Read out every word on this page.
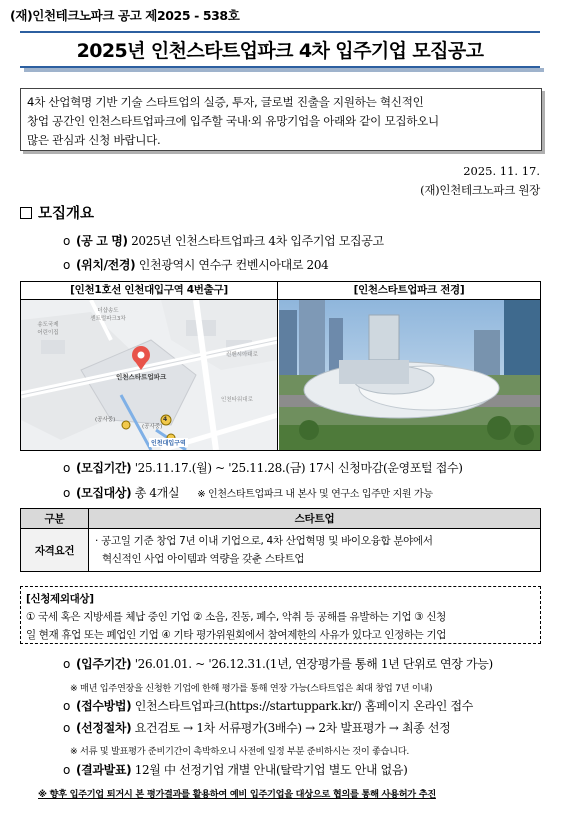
(재)인천테크노파크 공고 제2025 - 538호
2025년 인천스타트업파크 4차 입주기업 모집공고
4차 산업혁명 기반 기술 스타트업의 실증, 투자, 글로벌 진출을 지원하는 혁신적인
창업 공간인 인천스타트업파크에 입주할 국내·외 유망기업을 아래와 같이 모집하오니
많은 관심과 신청 바랍니다.
2025. 11. 17.
(재)인천테크노파크 원장
모집개요
o (공 고 명) 2025년 인천스타트업파크 4차 입주기업 모집공고
o (위치/전경) 인천광역시 연수구 컨벤시아대로 204
[인천1호선 인천대입구역 4번출구]	[인천스타트업파크 전경]
인천스타트업파크
더샵송도
센트럴파크3차
송도국제
어린이집
컨벤시아대로
인천타워대로
(공사중)
(공사중)
4
인천대입구역
o (모집기간) '25.11.17.(월) ~ '25.11.28.(금) 17시 신청마감(운영포털 접수)
o (모집대상) 총 4개실 ※ 인천스타트업파크 내 본사 및 연구소 입주만 지원 가능
구분	스타트업
자격요건	· 공고일 기준 창업 7년 이내 기업으로, 4차 산업혁명 및 바이오융합 분야에서
혁신적인 사업 아이템과 역량을 갖춘 스타트업
[신청제외대상]
① 국세 혹은 지방세를 체납 중인 기업 ② 소음, 진동, 폐수, 악취 등 공해를 유발하는 기업 ③ 신청
일 현재 휴업 또는 폐업인 기업 ④ 기타 평가위원회에서 참여제한의 사유가 있다고 인정하는 기업
o (입주기간) '26.01.01. ~ '26.12.31.(1년, 연장평가를 통해 1년 단위로 연장 가능)
※ 매년 입주연장을 신청한 기업에 한해 평가를 통해 연장 가능(스타트업은 최대 창업 7년 이내)
o (접수방법) 인천스타트업파크(https://startuppark.kr/) 홈페이지 온라인 접수
o (선정절차) 요건검토 → 1차 서류평가(3배수) → 2차 발표평가 → 최종 선정
※ 서류 및 발표평가 준비기간이 촉박하오니 사전에 일정 부분 준비하시는 것이 좋습니다.
o (결과발표) 12월 中 선정기업 개별 안내(탈락기업 별도 안내 없음)
※ 향후 입주기업 퇴거시 본 평가결과를 활용하여 예비 입주기업을 대상으로 협의를 통해 사용허가 추진
